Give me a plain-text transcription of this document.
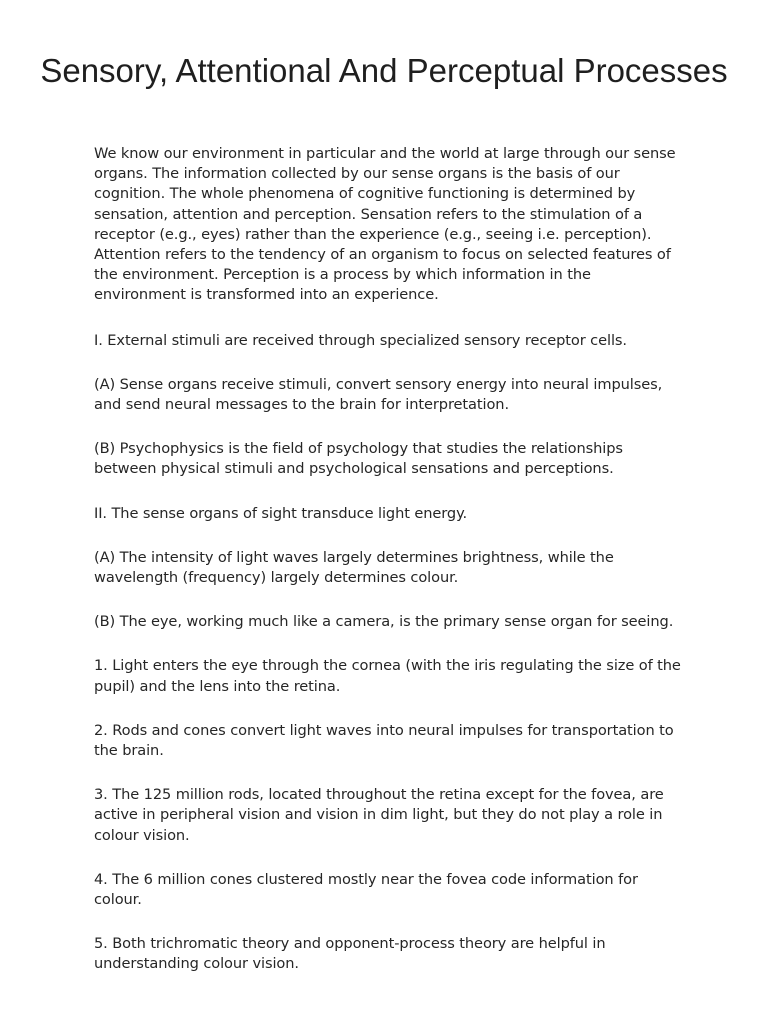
Sensory, Attentional And Perceptual Processes

We know our environment in particular and the world at large through our sense organs. The information collected by our sense organs is the basis of our cognition. The whole phenomena of cognitive functioning is determined by sensation, attention and perception. Sensation refers to the stimulation of a receptor (e.g., eyes) rather than the experience (e.g., seeing i.e. perception). Attention refers to the tendency of an organism to focus on selected features of the environment. Perception is a process by which information in the environment is transformed into an experience.

I. External stimuli are received through specialized sensory receptor cells.

(A) Sense organs receive stimuli, convert sensory energy into neural impulses, and send neural messages to the brain for interpretation.

(B) Psychophysics is the field of psychology that studies the relationships between physical stimuli and psychological sensations and perceptions.

II. The sense organs of sight transduce light energy.

(A) The intensity of light waves largely determines brightness, while the wavelength (frequency) largely determines colour.

(B) The eye, working much like a camera, is the primary sense organ for seeing.

1. Light enters the eye through the cornea (with the iris regulating the size of the pupil) and the lens into the retina.

2. Rods and cones convert light waves into neural impulses for transportation to the brain.

3. The 125 million rods, located throughout the retina except for the fovea, are active in peripheral vision and vision in dim light, but they do not play a role in colour vision.

4. The 6 million cones clustered mostly near the fovea code information for colour.

5. Both trichromatic theory and opponent-process theory are helpful in understanding colour vision.
